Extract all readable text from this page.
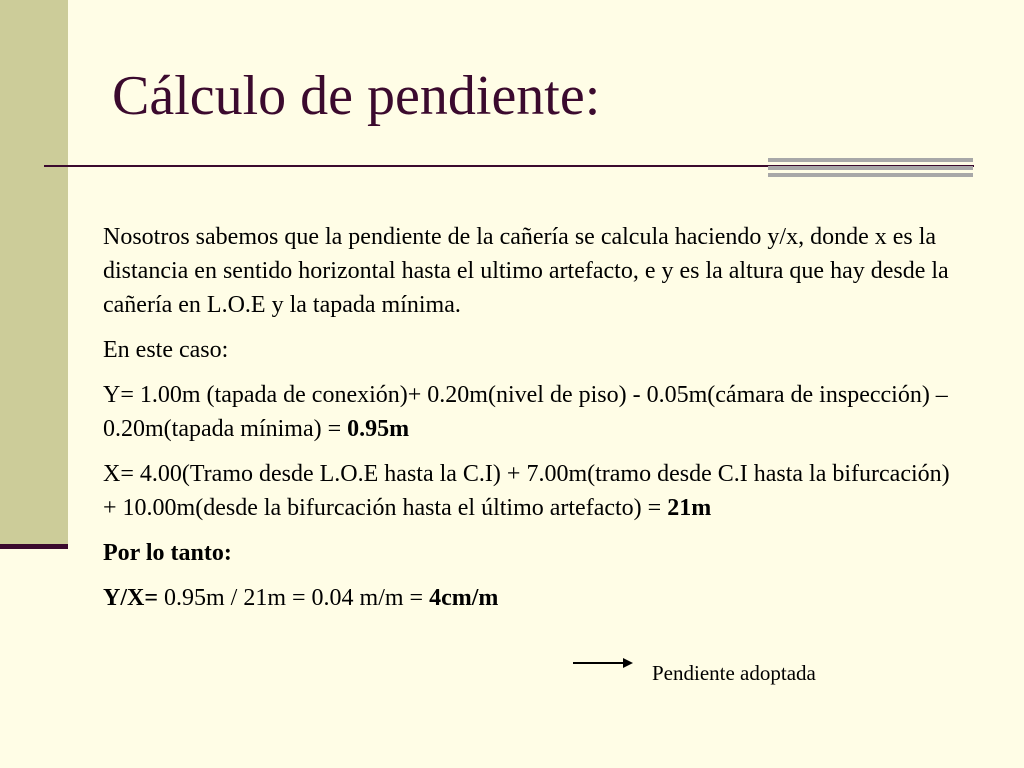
Cálculo de pendiente:

Nosotros sabemos que la pendiente de la cañería se calcula haciendo y/x, donde x es la distancia en sentido horizontal hasta el ultimo artefacto, e y es la altura que hay desde la cañería en L.O.E y la tapada mínima.

En este caso:

Y= 1.00m (tapada de conexión)+ 0.20m(nivel de piso) - 0.05m(cámara de inspección) – 0.20m(tapada mínima) = 0.95m

X= 4.00(Tramo desde L.O.E hasta la C.I) + 7.00m(tramo desde C.I hasta la bifurcación) + 10.00m(desde la bifurcación hasta el último artefacto) = 21m

Por lo tanto:

Y/X= 0.95m / 21m = 0.04 m/m = 4cm/m

Pendiente adoptada
